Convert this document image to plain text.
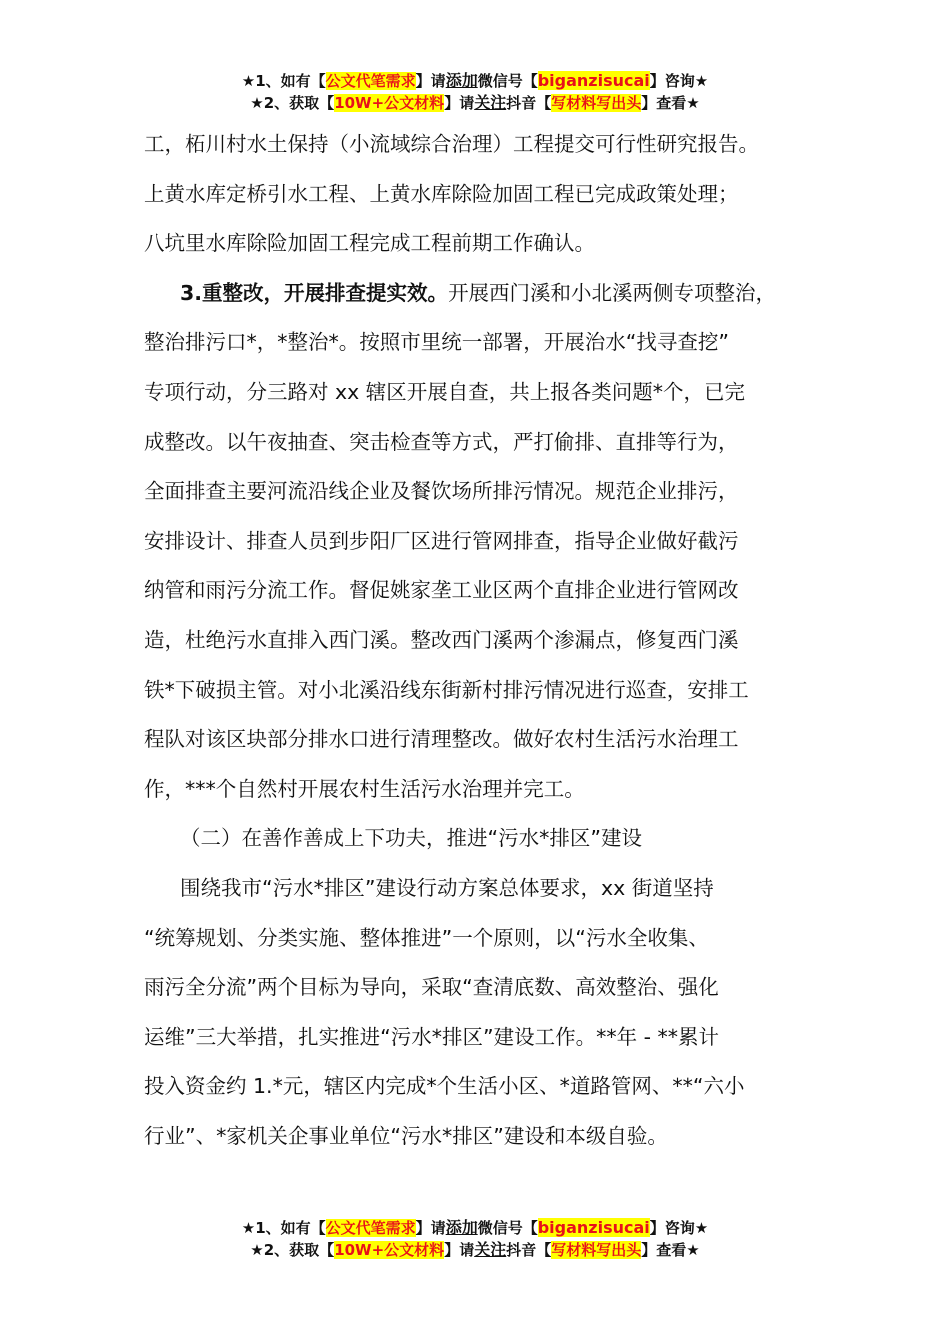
★1、如有【公文代笔需求】请添加微信号【biganzisucai】咨询★
★2、获取【10W+公文材料】请关注抖音【写材料写出头】查看★
工，柘川村水土保持（小流域综合治理）工程提交可行性研究报告。
上黄水库定桥引水工程、上黄水库除险加固工程已完成政策处理；
八坑里水库除险加固工程完成工程前期工作确认。
3.重整改，开展排查提实效。开展西门溪和小北溪两侧专项整治，
整治排污口*，*整治*。按照市里统一部署，开展治水“找寻查挖”
专项行动，分三路对 xx 辖区开展自查，共上报各类问题*个，已完
成整改。以午夜抽查、突击检查等方式，严打偷排、直排等行为，
全面排查主要河流沿线企业及餐饮场所排污情况。规范企业排污，
安排设计、排查人员到步阳厂区进行管网排查，指导企业做好截污
纳管和雨污分流工作。督促姚家垄工业区两个直排企业进行管网改
造，杜绝污水直排入西门溪。整改西门溪两个渗漏点，修复西门溪
铁*下破损主管。对小北溪沿线东街新村排污情况进行巡查，安排工
程队对该区块部分排水口进行清理整改。做好农村生活污水治理工
作，***个自然村开展农村生活污水治理并完工。
（二）在善作善成上下功夫，推进“污水*排区”建设
围绕我市“污水*排区”建设行动方案总体要求，xx 街道坚持
“统筹规划、分类实施、整体推进”一个原则，以“污水全收集、
雨污全分流”两个目标为导向，采取“查清底数、高效整治、强化
运维”三大举措，扎实推进“污水*排区”建设工作。**年 - **累计
投入资金约 1.*元，辖区内完成*个生活小区、*道路管网、**“六小
行业”、*家机关企事业单位“污水*排区”建设和本级自验。
★1、如有【公文代笔需求】请添加微信号【biganzisucai】咨询★
★2、获取【10W+公文材料】请关注抖音【写材料写出头】查看★
